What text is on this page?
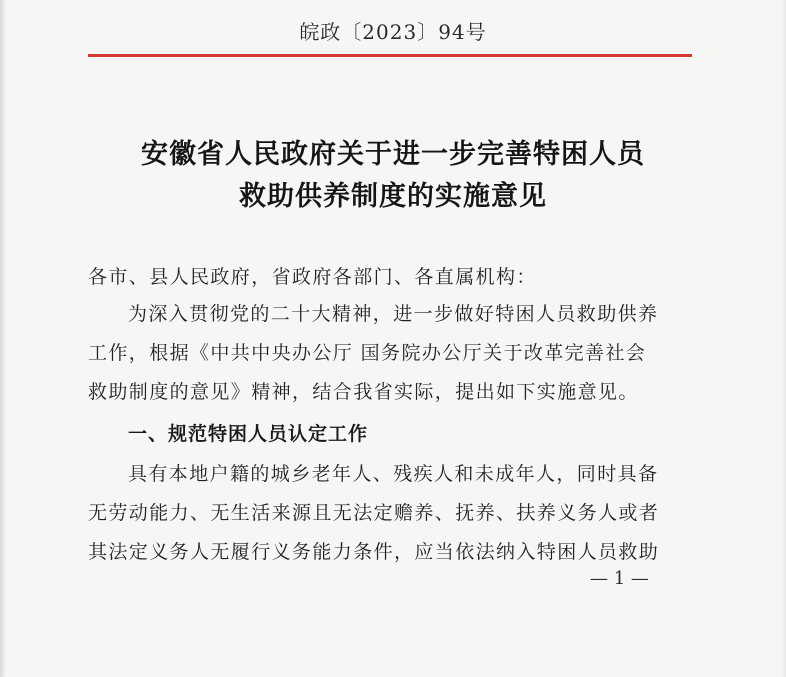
皖政〔2023〕94号
安徽省人民政府关于进一步完善特困人员
救助供养制度的实施意见
各市、县人民政府，省政府各部门、各直属机构：
为深入贯彻党的二十大精神，进一步做好特困人员救助供养
工作，根据《中共中央办公厅 国务院办公厅关于改革完善社会
救助制度的意见》精神，结合我省实际，提出如下实施意见。
一、规范特困人员认定工作
具有本地户籍的城乡老年人、残疾人和未成年人，同时具备
无劳动能力、无生活来源且无法定赡养、抚养、扶养义务人或者
其法定义务人无履行义务能力条件，应当依法纳入特困人员救助
— 1 —
